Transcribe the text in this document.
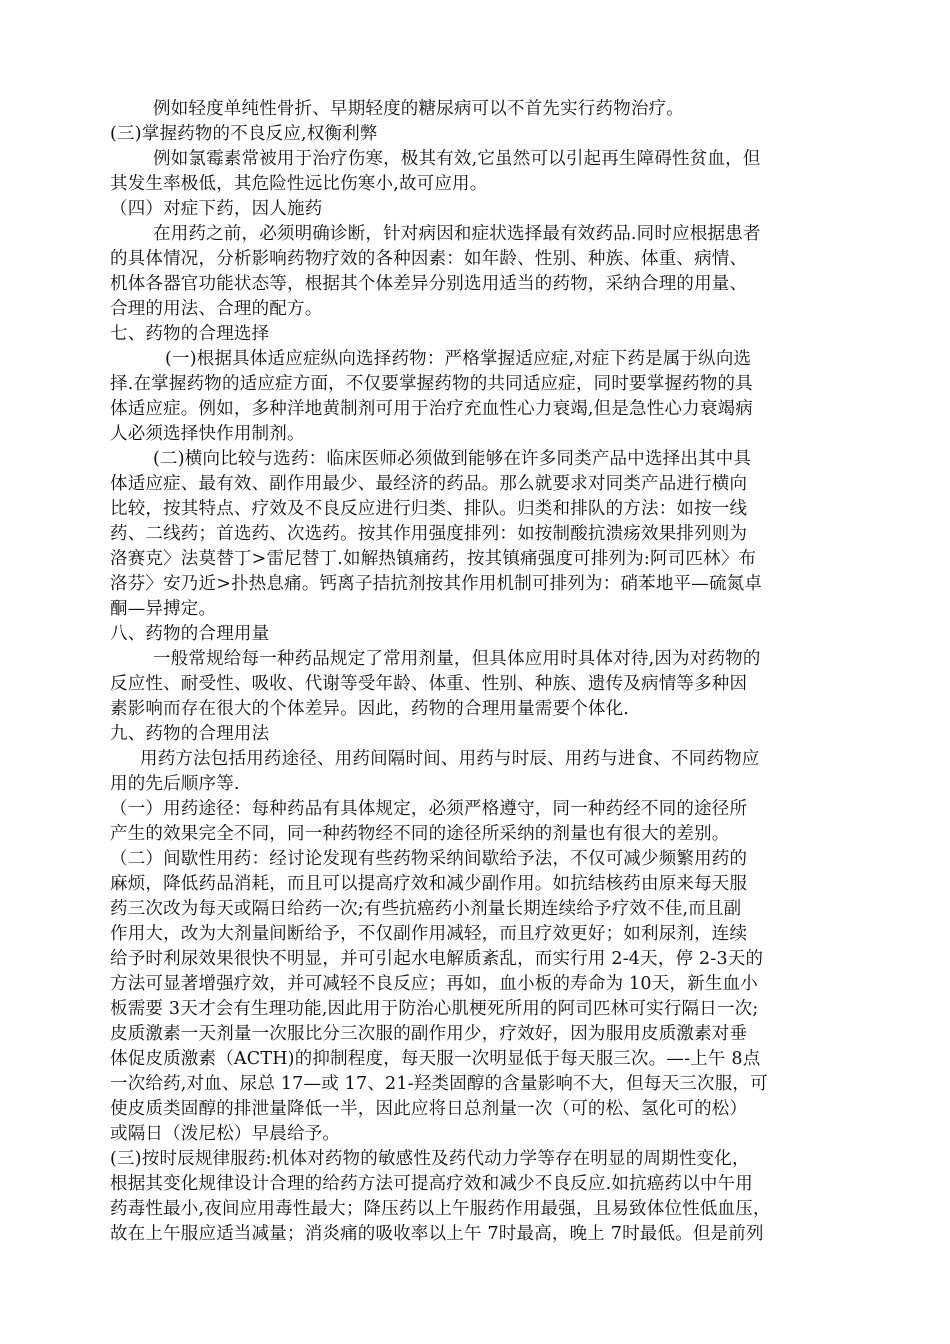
例如轻度单纯性骨折、早期轻度的糖尿病可以不首先实行药物治疗。
(三)掌握药物的不良反应,权衡利弊
例如氯霉素常被用于治疗伤寒，极其有效,它虽然可以引起再生障碍性贫血，但
其发生率极低，其危险性远比伤寒小,故可应用。
（四）对症下药，因人施药
在用药之前，必须明确诊断，针对病因和症状选择最有效药品.同时应根据患者
的具体情况，分析影响药物疗效的各种因素：如年龄、性别、种族、体重、病情、
机体各器官功能状态等，根据其个体差异分别选用适当的药物，采纳合理的用量、
合理的用法、合理的配方。
七、药物的合理选择
(一)根据具体适应症纵向选择药物：严格掌握适应症,对症下药是属于纵向选
择.在掌握药物的适应症方面，不仅要掌握药物的共同适应症，同时要掌握药物的具
体适应症。例如，多种洋地黄制剂可用于治疗充血性心力衰竭,但是急性心力衰竭病
人必须选择快作用制剂。
(二)横向比较与选药：临床医师必须做到能够在许多同类产品中选择出其中具
体适应症、最有效、副作用最少、最经济的药品。那么就要求对同类产品进行横向
比较，按其特点、疗效及不良反应进行归类、排队。归类和排队的方法：如按一线
药、二线药；首选药、次选药。按其作用强度排列：如按制酸抗溃疡效果排列则为
洛赛克〉法莫替丁>雷尼替丁.如解热镇痛药，按其镇痛强度可排列为:阿司匹林〉布
洛芬〉安乃近>扑热息痛。钙离子拮抗剂按其作用机制可排列为：硝苯地平—硫氮卓
酮—异搏定。
八、药物的合理用量
一般常规给每一种药品规定了常用剂量，但具体应用时具体对待,因为对药物的
反应性、耐受性、吸收、代谢等受年龄、体重、性别、种族、遗传及病情等多种因
素影响而存在很大的个体差异。因此，药物的合理用量需要个体化.
九、药物的合理用法
用药方法包括用药途径、用药间隔时间、用药与时辰、用药与进食、不同药物应
用的先后顺序等.
（一）用药途径：每种药品有具体规定，必须严格遵守，同一种药经不同的途径所
产生的效果完全不同，同一种药物经不同的途径所采纳的剂量也有很大的差别。
（二）间歇性用药：经讨论发现有些药物采纳间歇给予法，不仅可减少频繁用药的
麻烦，降低药品消耗，而且可以提高疗效和减少副作用。如抗结核药由原来每天服
药三次改为每天或隔日给药一次;有些抗癌药小剂量长期连续给予疗效不佳,而且副
作用大，改为大剂量间断给予，不仅副作用减轻，而且疗效更好；如利尿剂，连续
给予时利尿效果很快不明显，并可引起水电解质紊乱，而实行用 2-4天，停 2-3天的
方法可显著增强疗效，并可减轻不良反应；再如，血小板的寿命为 10天，新生血小
板需要 3天才会有生理功能,因此用于防治心肌梗死所用的阿司匹林可实行隔日一次;
皮质激素一天剂量一次服比分三次服的副作用少，疗效好，因为服用皮质激素对垂
体促皮质激素（ACTH)的抑制程度，每天服一次明显低于每天服三次。—-上午 8点
一次给药,对血、尿总 17—或 17、21-羟类固醇的含量影响不大，但每天三次服，可
使皮质类固醇的排泄量降低一半，因此应将日总剂量一次（可的松、氢化可的松）
或隔日（泼尼松）早晨给予。
(三)按时辰规律服药:机体对药物的敏感性及药代动力学等存在明显的周期性变化，
根据其变化规律设计合理的给药方法可提高疗效和减少不良反应.如抗癌药以中午用
药毒性最小,夜间应用毒性最大；降压药以上午服药作用最强，且易致体位性低血压，
故在上午服应适当减量；消炎痛的吸收率以上午 7时最高，晚上 7时最低。但是前列
